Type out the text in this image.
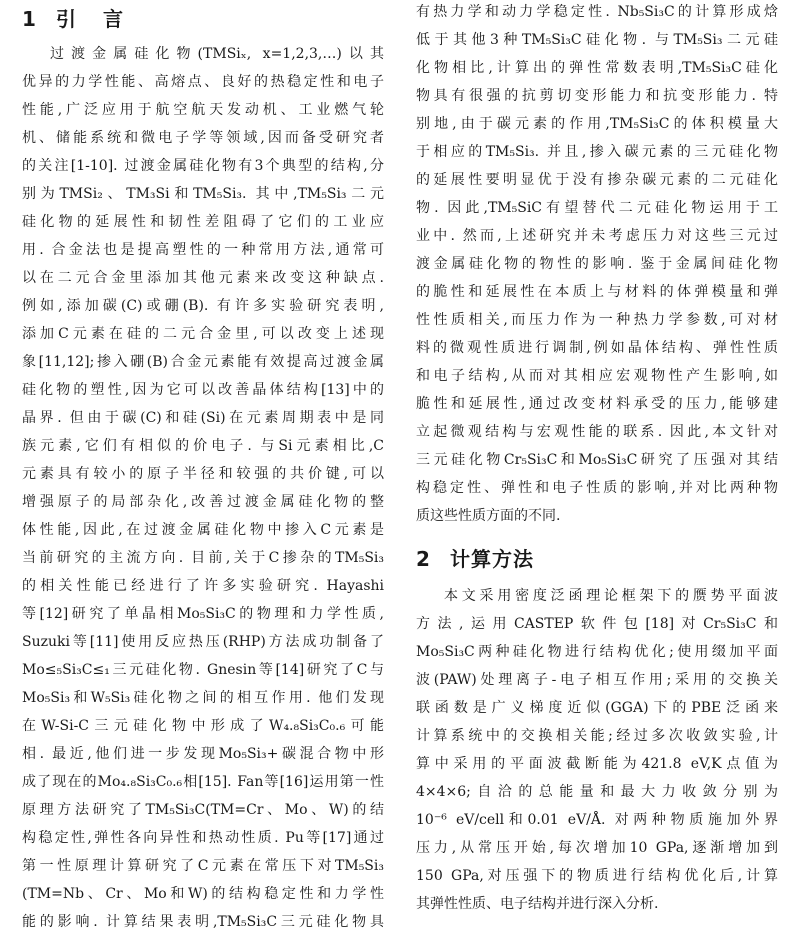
1 引 言
过渡金属硅化物(TMSiₓ, x=1,2,3,…)以其
优异的力学性能、高熔点、良好的热稳定性和电子
性能,广泛应用于航空航天发动机、工业燃气轮
机、储能系统和微电子学等领域,因而备受研究者
的关注[1-10]. 过渡金属硅化物有3个典型的结构,分
别为TMSi₂、TM₃Si和TM₅Si₃. 其中,TM₅Si₃二元
硅化物的延展性和韧性差阻碍了它们的工业应
用. 合金法也是提高塑性的一种常用方法,通常可
以在二元合金里添加其他元素来改变这种缺点.
例如,添加碳(C)或硼(B). 有许多实验研究表明,
添加C元素在硅的二元合金里,可以改变上述现
象[11,12];掺入硼(B)合金元素能有效提高过渡金属
硅化物的塑性,因为它可以改善晶体结构[13]中的
晶界. 但由于碳(C)和硅(Si)在元素周期表中是同
族元素,它们有相似的价电子. 与Si元素相比,C
元素具有较小的原子半径和较强的共价键,可以
增强原子的局部杂化,改善过渡金属硅化物的整
体性能,因此,在过渡金属硅化物中掺入C元素是
当前研究的主流方向. 目前,关于C掺杂的TM₅Si₃
的相关性能已经进行了许多实验研究. Hayashi
等[12]研究了单晶相Mo₅Si₃C的物理和力学性质,
Suzuki等[11]使用反应热压(RHP)方法成功制备了
Mo≤₅Si₃C≤₁三元硅化物. Gnesin等[14]研究了C与
Mo₅Si₃和W₅Si₃硅化物之间的相互作用. 他们发现
在W-Si-C三元硅化物中形成了W₄.₈Si₃C₀.₆可能
相. 最近,他们进一步发现Mo₅Si₃+碳混合物中形
成了现在的Mo₄.₈Si₃C₀.₆相[15]. Fan等[16]运用第一性
原理方法研究了TM₅Si₃C(TM=Cr、Mo、W)的结
构稳定性,弹性各向异性和热动性质. Pu等[17]通过
第一性原理计算研究了C元素在常压下对TM₅Si₃
(TM=Nb、Cr、Mo和W)的结构稳定性和力学性
能的影响. 计算结果表明,TM₅Si₃C三元硅化物具
有热力学和动力学稳定性. Nb₅Si₃C的计算形成焓
低于其他3种TM₅Si₃C硅化物. 与TM₅Si₃二元硅
化物相比,计算出的弹性常数表明,TM₅Si₃C硅化
物具有很强的抗剪切变形能力和抗变形能力. 特
别地,由于碳元素的作用,TM₅Si₃C的体积模量大
于相应的TM₅Si₃. 并且,掺入碳元素的三元硅化物
的延展性要明显优于没有掺杂碳元素的二元硅化
物. 因此,TM₅SiC有望替代二元硅化物运用于工
业中. 然而,上述研究并未考虑压力对这些三元过
渡金属硅化物的物性的影响. 鉴于金属间硅化物
的脆性和延展性在本质上与材料的体弹模量和弹
性性质相关,而压力作为一种热力学参数,可对材
料的微观性质进行调制,例如晶体结构、弹性性质
和电子结构,从而对其相应宏观物性产生影响,如
脆性和延展性,通过改变材料承受的压力,能够建
立起微观结构与宏观性能的联系. 因此,本文针对
三元硅化物Cr₅Si₃C和Mo₅Si₃C研究了压强对其结
构稳定性、弹性和电子性质的影响,并对比两种物
质这些性质方面的不同.
2 计算方法
本文采用密度泛函理论框架下的赝势平面波
方法,运用CASTEP软件包[18]对Cr₅Si₃C和
Mo₅Si₃C两种硅化物进行结构优化;使用缀加平面
波(PAW)处理离子-电子相互作用;采用的交换关
联函数是广义梯度近似(GGA)下的PBE泛函来
计算系统中的交换相关能;经过多次收敛实验,计
算中采用的平面波截断能为421.8 eV,K点值为
4×4×6;自洽的总能量和最大力收敛分别为
10⁻⁶ eV/cell和0.01 eV/Å. 对两种物质施加外界
压力,从常压开始,每次增加10 GPa,逐渐增加到
150 GPa,对压强下的物质进行结构优化后,计算
其弹性性质、电子结构并进行深入分析.
